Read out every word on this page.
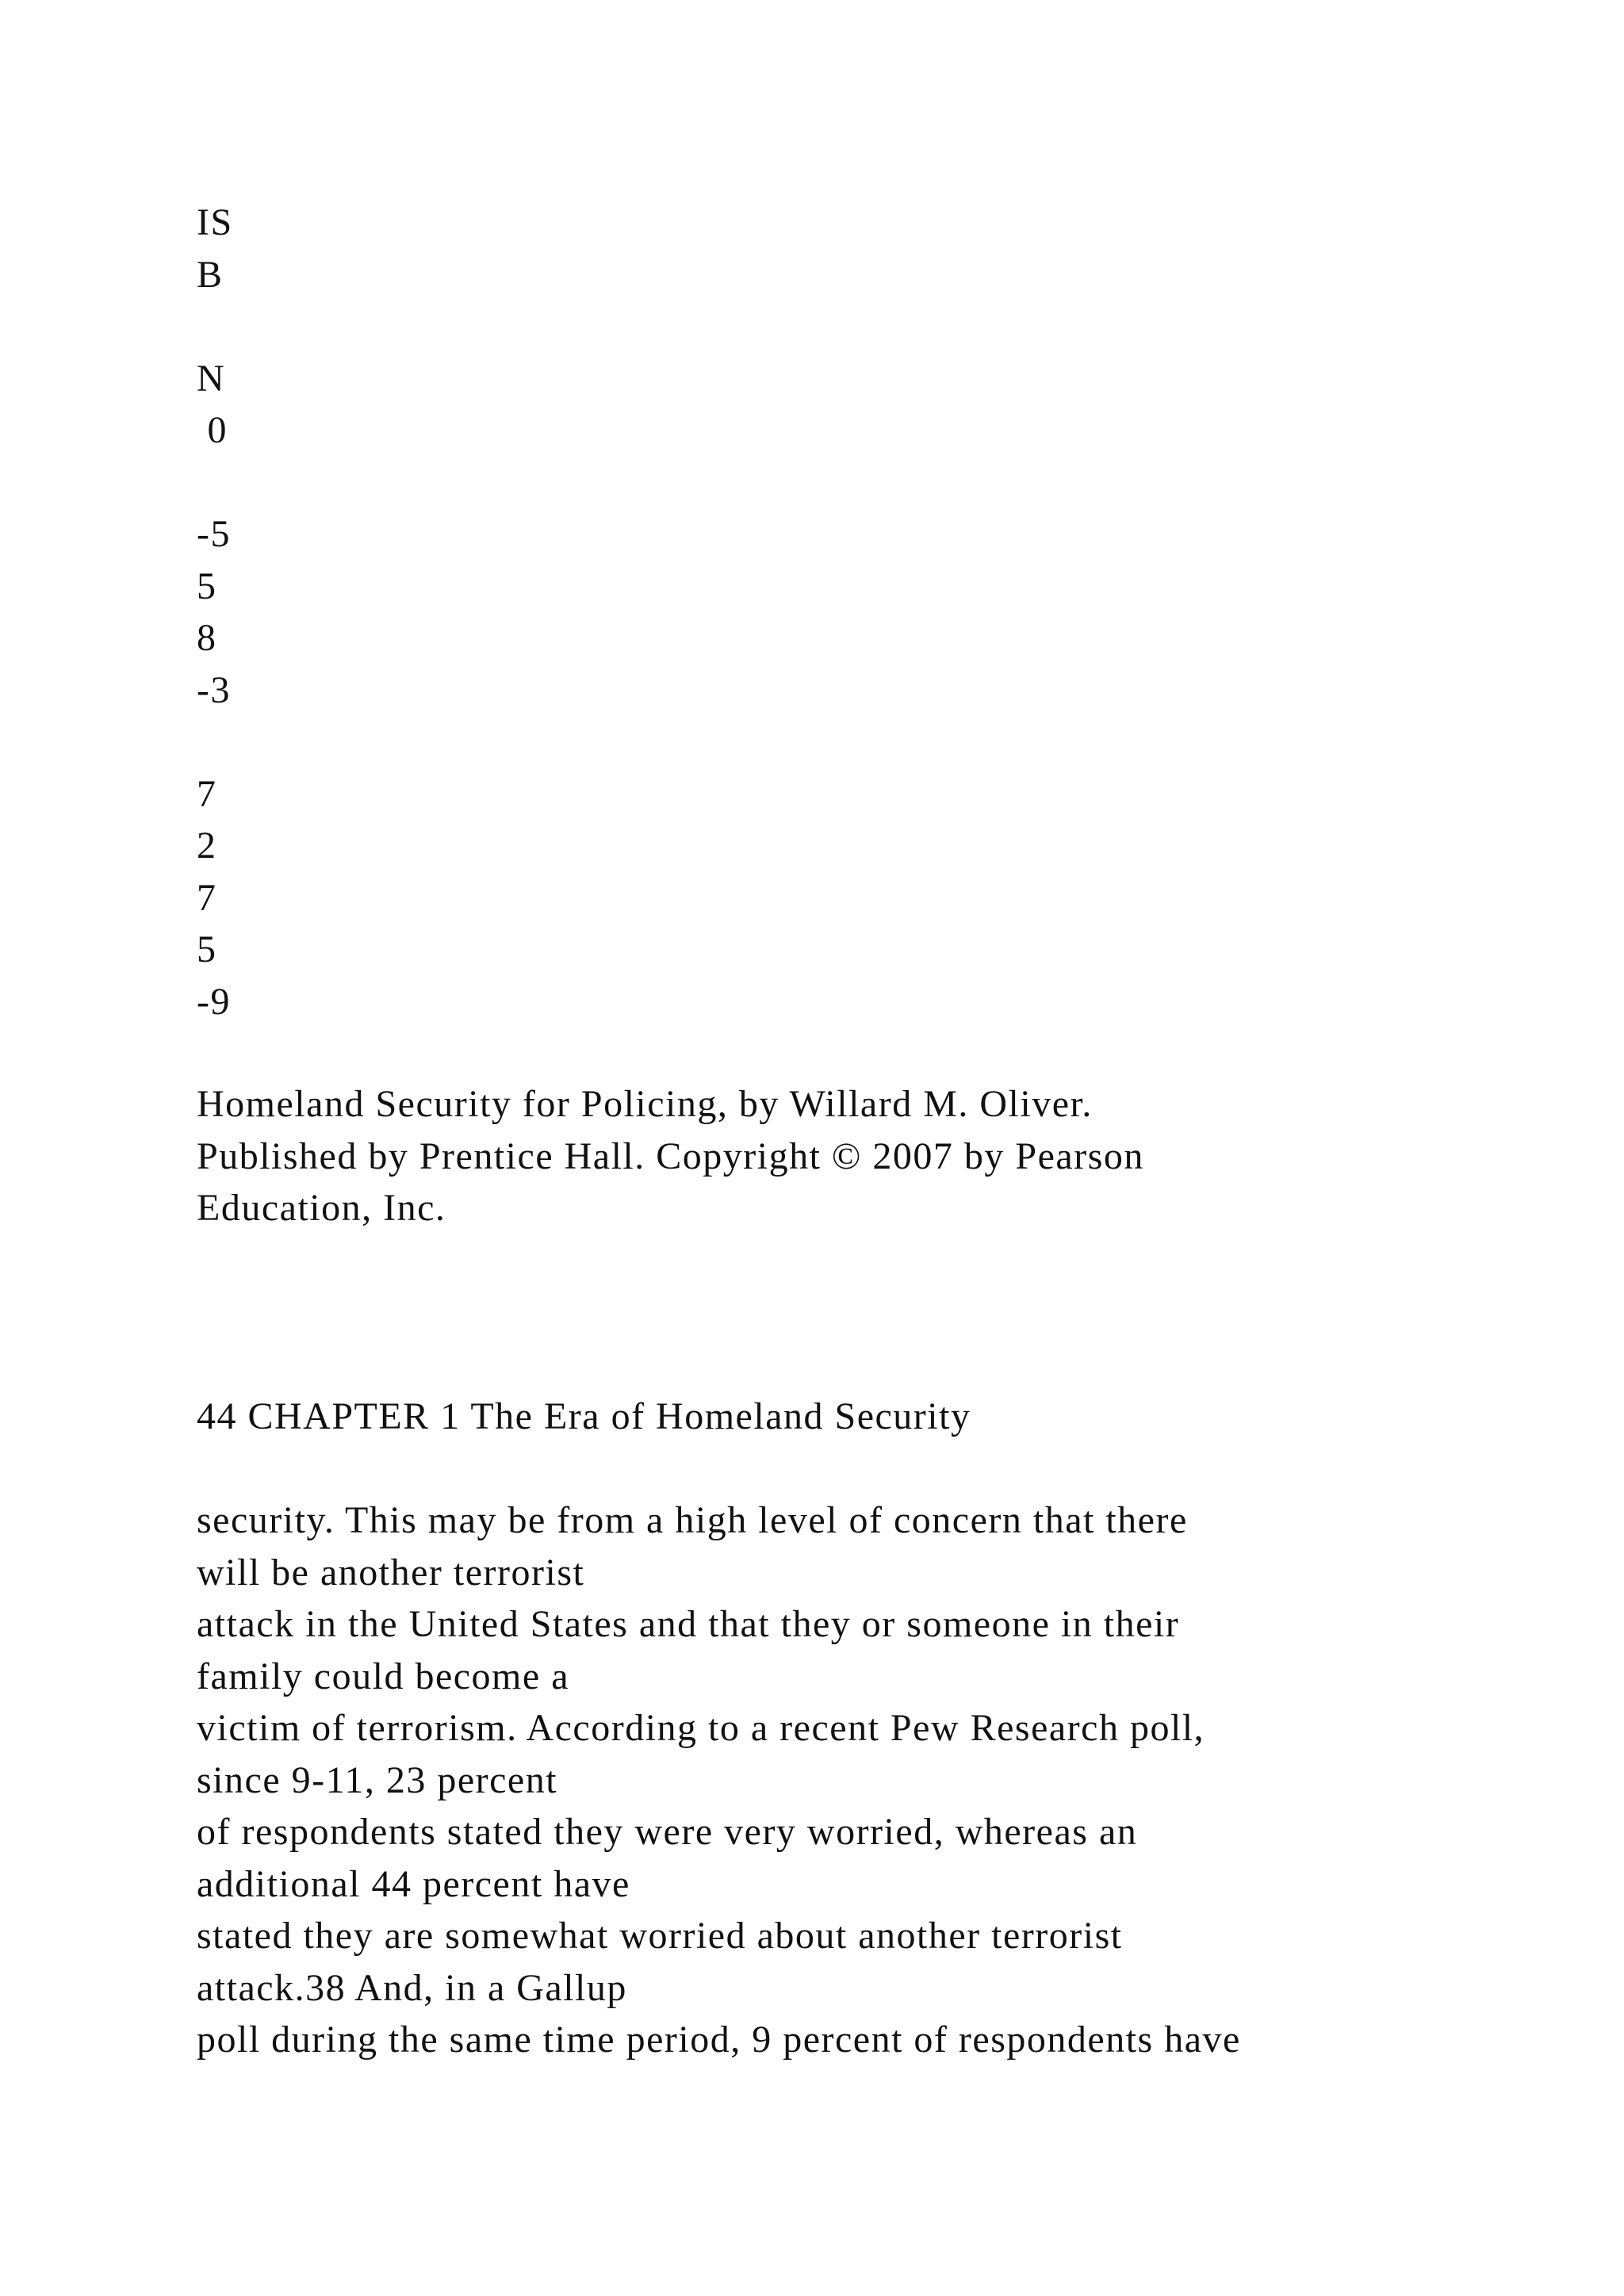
IS
B
N
0
-5
5
8
-3
7
2
7
5
-9
Homeland Security for Policing, by Willard M. Oliver.
Published by Prentice Hall. Copyright © 2007 by Pearson
Education, Inc.
44 CHAPTER 1 The Era of Homeland Security
security. This may be from a high level of concern that there
will be another terrorist
attack in the United States and that they or someone in their
family could become a
victim of terrorism. According to a recent Pew Research poll,
since 9-11, 23 percent
of respondents stated they were very worried, whereas an
additional 44 percent have
stated they are somewhat worried about another terrorist
attack.38 And, in a Gallup
poll during the same time period, 9 percent of respondents have
